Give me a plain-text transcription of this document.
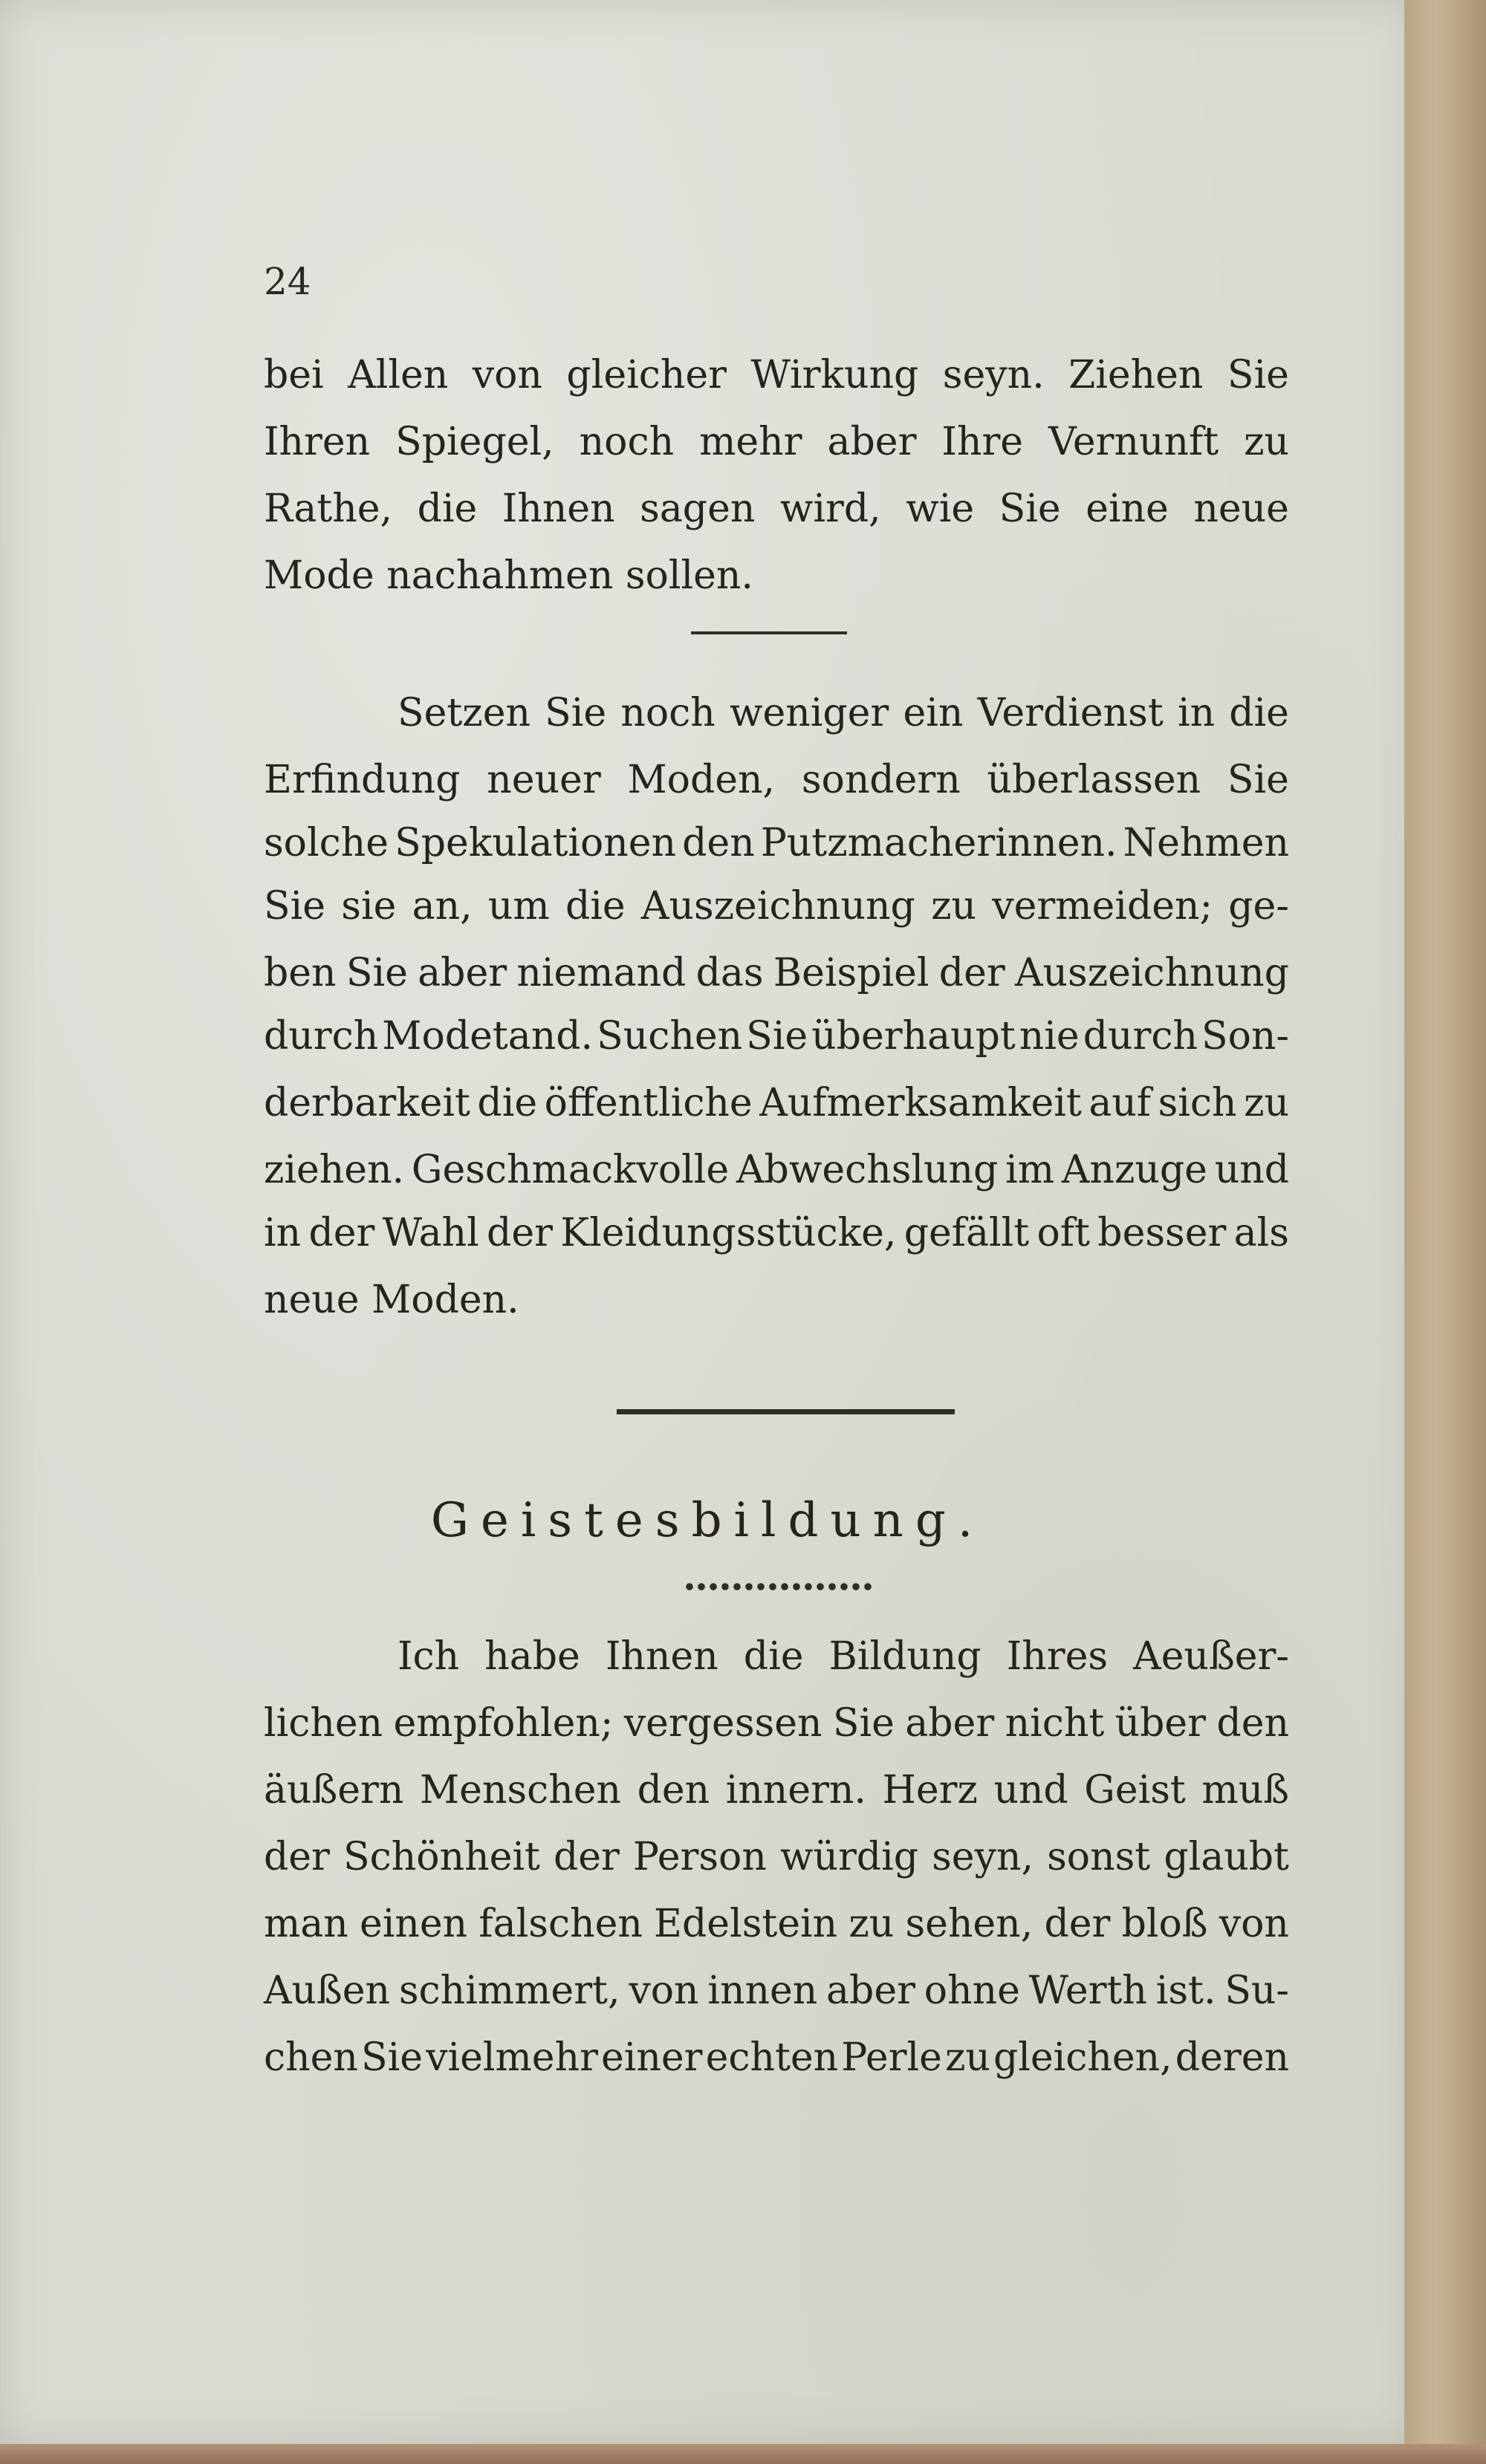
24
bei Allen von gleicher Wirkung seyn. Ziehen Sie
Ihren Spiegel, noch mehr aber Ihre Vernunft zu
Rathe, die Ihnen sagen wird, wie Sie eine neue
Mode nachahmen sollen.
Setzen Sie noch weniger ein Verdienst in die
Erfindung neuer Moden, sondern überlassen Sie
solche Spekulationen den Putzmacherinnen. Nehmen
Sie sie an, um die Auszeichnung zu vermeiden; ge-
ben Sie aber niemand das Beispiel der Auszeichnung
durch Modetand. Suchen Sie überhaupt nie durch Son-
derbarkeit die öffentliche Aufmerksamkeit auf sich zu
ziehen. Geschmackvolle Abwechslung im Anzuge und
in der Wahl der Kleidungsstücke, gefällt oft besser als
neue Moden.
Geistesbildung.
Ich habe Ihnen die Bildung Ihres Aeußer-
lichen empfohlen; vergessen Sie aber nicht über den
äußern Menschen den innern. Herz und Geist muß
der Schönheit der Person würdig seyn, sonst glaubt
man einen falschen Edelstein zu sehen, der bloß von
Außen schimmert, von innen aber ohne Werth ist. Su-
chen Sie vielmehr einer echten Perle zu gleichen, deren
